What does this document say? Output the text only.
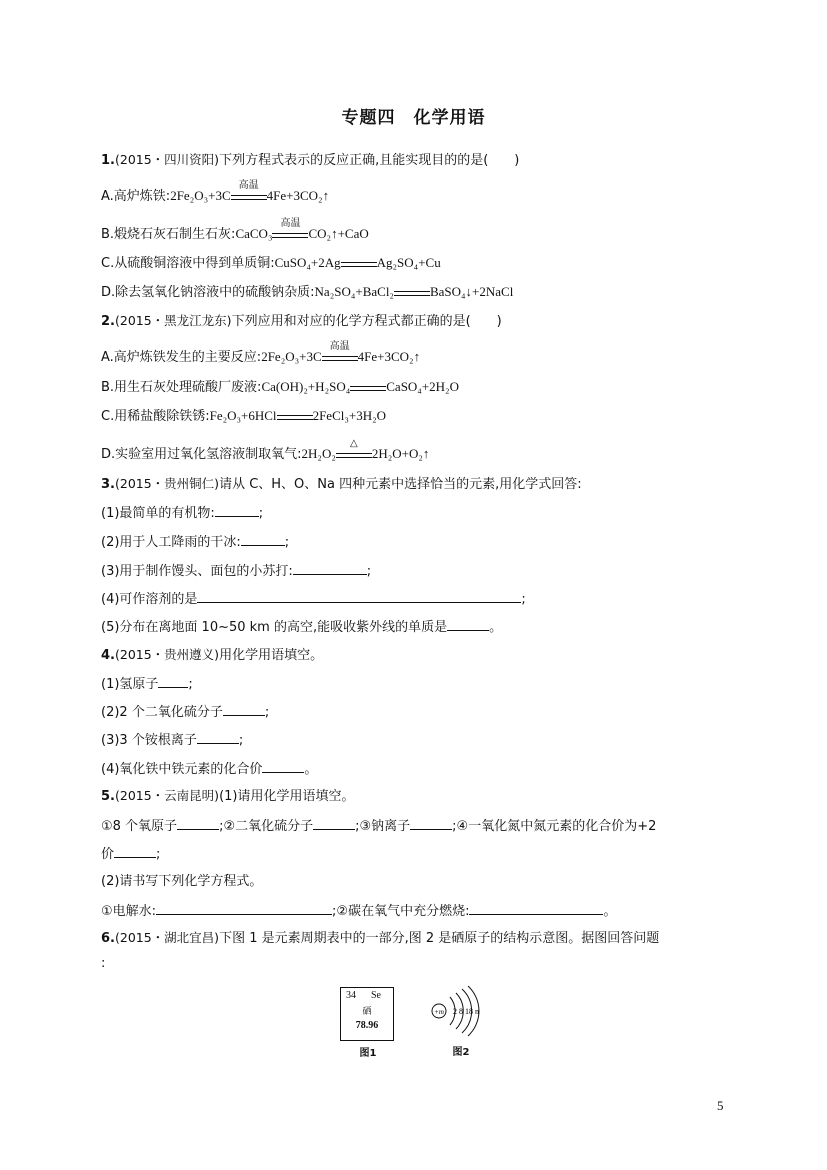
专题四　化学用语
1.(2015・四川资阳)下列方程式表示的反应正确,且能实现目的的是(　　)
A.高炉炼铁:2Fe₂O₃+3C
高温
4Fe+3CO₂↑
B.煅烧石灰石制生石灰:CaCO₃
高温
CO₂↑+CaO
C.从硫酸铜溶液中得到单质铜:CuSO₄+2Ag	Ag₂SO₄+Cu
D.除去氢氧化钠溶液中的硫酸钠杂质:Na₂SO₄+BaCl₂	BaSO₄↓+2NaCl
2.(2015・黑龙江龙东)下列应用和对应的化学方程式都正确的是(　　)
A.高炉炼铁发生的主要反应:2Fe₂O₃+3C
高温
4Fe+3CO₂↑
B.用生石灰处理硫酸厂废液:Ca(OH)₂+H₂SO₄	CaSO₄+2H₂O
C.用稀盐酸除铁锈:Fe₂O₃+6HCl	2FeCl₃+3H₂O
D.实验室用过氧化氢溶液制取氧气:2H₂O₂
△
2H₂O+O₂↑
3.(2015・贵州铜仁)请从 C、H、O、Na 四种元素中选择恰当的元素,用化学式回答:
(1)最简单的有机物:	;
(2)用于人工降雨的干冰:	;
(3)用于制作馒头、面包的小苏打:	;
(4)可作溶剂的是	;
(5)分布在离地面 10~50 km 的高空,能吸收紫外线的单质是	。
4.(2015・贵州遵义)用化学用语填空。
(1)氢原子 ;
(2)2 个二氧化硫分子	;
(3)3 个铵根离子	;
(4)氧化铁中铁元素的化合价	。
5.(2015・云南昆明)(1)请用化学用语填空。
①8 个氧原子	;②二氧化硫分子	;③钠离子	;④一氧化氮中氮元素的化合价为+2
价	;
(2)请书写下列化学方程式。
①电解水:	;②碳在氧气中充分燃烧:	。
6.(2015・湖北宜昌)下图 1 是元素周期表中的一部分,图 2 是硒原子的结构示意图。据图回答问题
:
34 Se
硒
78.96
图1
+m 2 8 18 n
图2
5
